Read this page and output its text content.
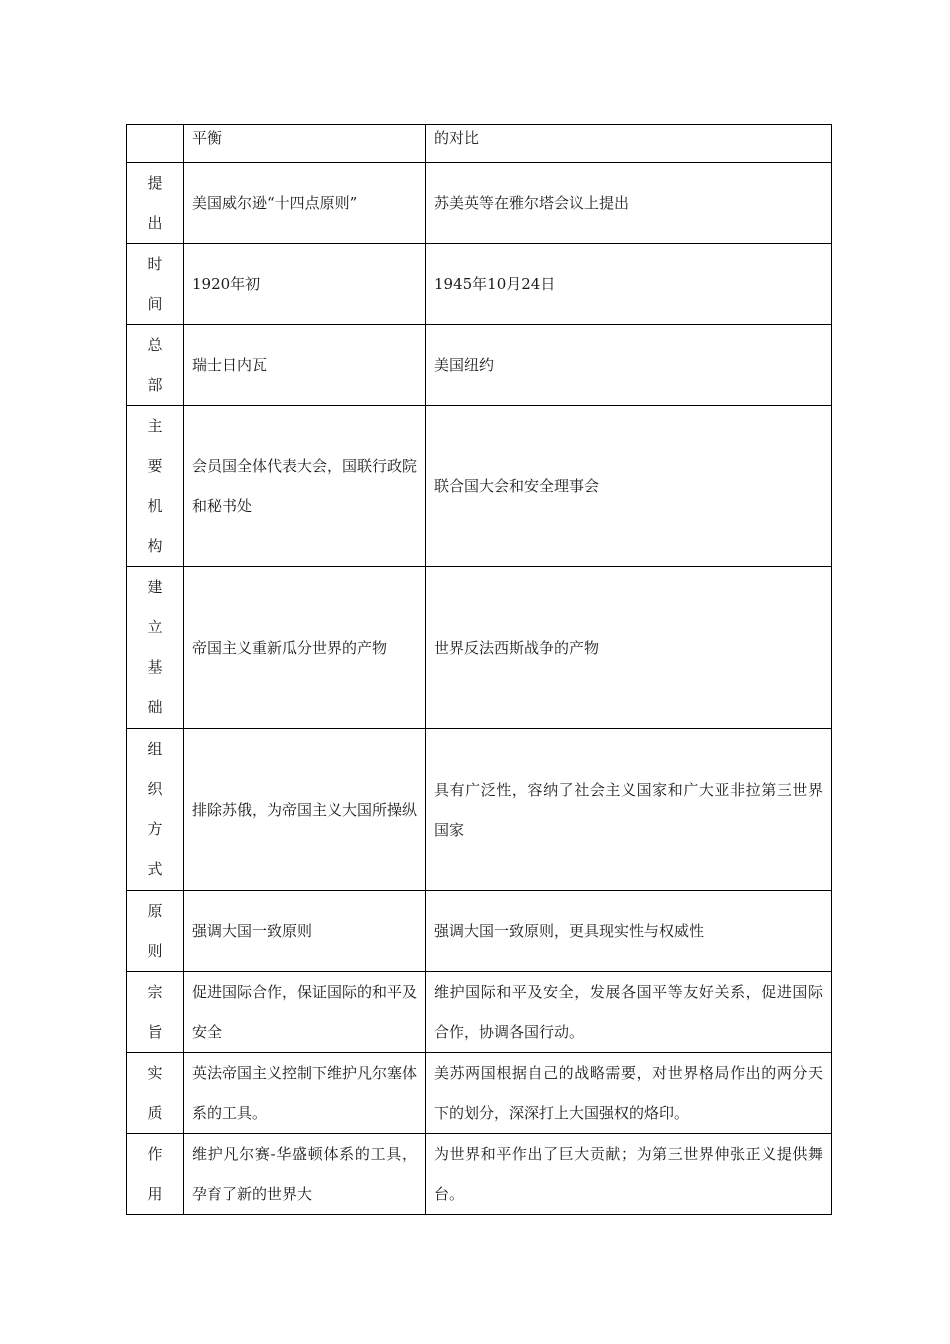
	平衡	的对比

提出	美国威尔逊“十四点原则”	苏美英等在雅尔塔会议上提出

时间	1920年初	1945年10月24日

总部	瑞士日内瓦	美国纽约

主要机构	会员国全体代表大会，国联行政院和秘书处	联合国大会和安全理事会

建立基础	帝国主义重新瓜分世界的产物	世界反法西斯战争的产物

组织方式	排除苏俄，为帝国主义大国所操纵	具有广泛性，容纳了社会主义国家和广大亚非拉第三世界国家

原则	强调大国一致原则	强调大国一致原则，更具现实性与权威性

宗旨	促进国际合作，保证国际的和平及安全	维护国际和平及安全，发展各国平等友好关系，促进国际合作，协调各国行动。

实质	英法帝国主义控制下维护凡尔塞体系的工具。	美苏两国根据自己的战略需要，对世界格局作出的两分天下的划分，深深打上大国强权的烙印。

作用	维护凡尔赛-华盛顿体系的工具，孕育了新的世界大	为世界和平作出了巨大贡献；为第三世界伸张正义提供舞台。
